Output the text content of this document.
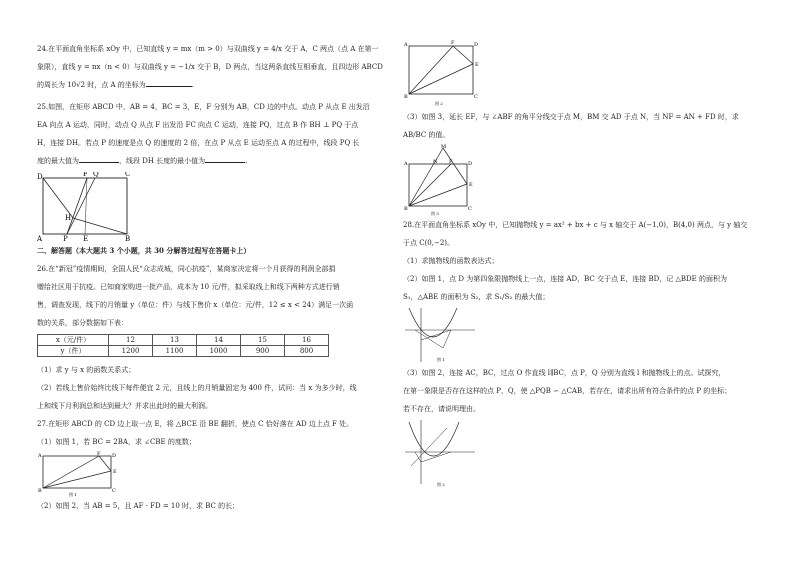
24.在平面直角坐标系 xOy 中，已知直线 y = mx（m > 0）与双曲线 y = 4/x 交于 A，C 两点（点 A 在第一

象限），直线 y = nx（n < 0）与双曲线 y = −1/x 交于 B，D 两点，当这两条直线互相垂直，且四边形 ABCD

的周长为 10√2 时，点 A 的坐标为	.

25.如图，在矩形 ABCD 中，AB = 4，BC = 3，E，F 分别为 AB，CD 边的中点。动点 P 从点 E 出发沿

EA 向点 A 运动，同时，动点 Q 从点 F 出发沿 FC 向点 C 运动，连接 PQ，过点 B 作 BH ⊥ PQ 于点

H，连接 DH。若点 P 的速度是点 Q 的速度的 2 倍，在点 P 从点 E 运动至点 A 的过程中，线段 PQ 长

度的最大值为	，线段 DH 长度的最小值为	.

D	F Q	C
H
A	P E	B

二、解答题（本大题共 3 个小题，共 30 分解答过程写在答题卡上）

26.在“新冠”疫情期间，全国人民“众志成城，同心抗疫”，某商家决定将一个月获得的利润全部捐

赠给社区用于抗疫。已知商家购进一批产品，成本为 10 元/件，拟采取线上和线下两种方式进行销

售，调查发现，线下的月销量 y（单位：件）与线下售价 x（单位：元/件，12 ≤ x < 24）满足一次函

数的关系，部分数据如下表：

x（元/件）	12	13	14	15	16
y（件）	1200	1100	1000	900	800

（1）求 y 与 x 的函数关系式；

（2）若线上售价始终比线下每件便宜 2 元，且线上的月销量固定为 400 件，试问：当 x 为多少时，线

上和线下月利润总和达到最大？并求出此时的最大利润。

27.在矩形 ABCD 的 CD 边上取一点 E，将 △BCE 沿 BE 翻折，使点 C 恰好落在 AD 边上点 F 处。

（1）如图 1，若 BC = 2BA，求 ∠CBE 的度数；

A	F D
E
B	C
图 1

（2）如图 2，当 AB = 5，且 AF · FD = 10 时，求 BC 的长；

A	F	D
E
B	C
图 2

（3）如图 3，延长 EF，与 ∠ABF 的角平分线交于点 M，BM 交 AD 于点 N，当 NF = AN + FD 时，求

AB/BC 的值。

M
A	N F	D
E
B	C
图 3

28.在平面直角坐标系 xOy 中，已知抛物线 y = ax² + bx + c 与 x 轴交于 A(−1,0)，B(4,0) 两点，与 y 轴交

于点 C(0,−2)。

（1）求抛物线的函数表达式；

（2）如图 1，点 D 为第四象限抛物线上一点，连接 AD，BC 交于点 E，连接 BD，记 △BDE 的面积为

S₁，△ABE 的面积为 S₂，求 S₁/S₂ 的最大值；

图 1

（3）如图 2，连接 AC，BC，过点 O 作直线 l∥BC，点 P，Q 分别为直线 l 和抛物线上的点。试探究，

在第一象限是否存在这样的点 P，Q，使 △PQB ∽ △CAB，若存在，请求出所有符合条件的点 P 的坐标；

若不存在，请说明理由。

图 2
